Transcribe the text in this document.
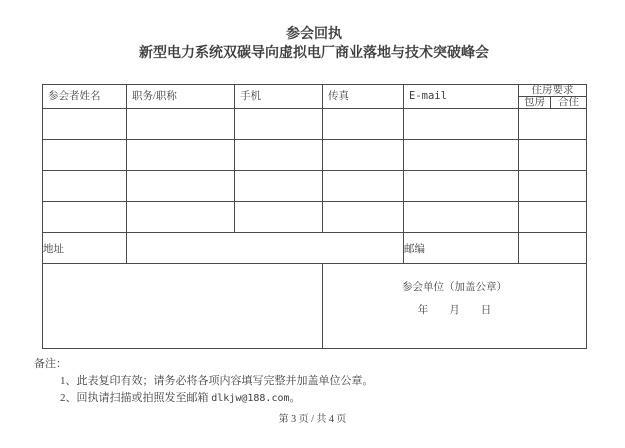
参会回执
新型电力系统双碳导向虚拟电厂商业落地与技术突破峰会
参会者姓名	职务/职称	手机	传真	E-mail	住房要求	
					包房	合住

地址				邮编		

			参会单位（加盖公章）
年　　月　　日			
备注：
1、此表复印有效；请务必将各项内容填写完整并加盖单位公章。
2、回执请扫描或拍照发至邮箱 dlkjw@188.com。
第 3 页 / 共 4 页
